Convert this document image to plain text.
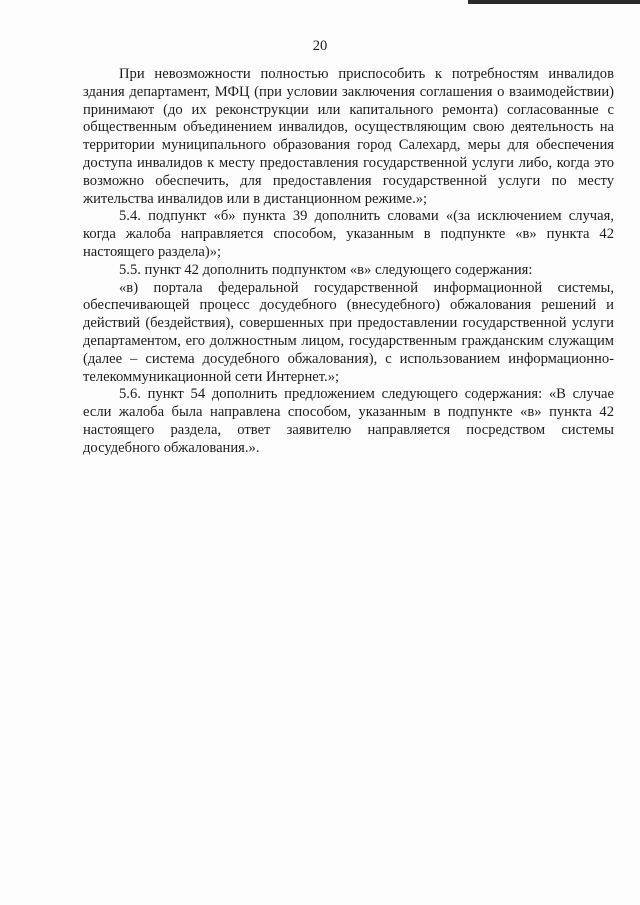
20

При невозможности полностью приспособить к потребностям инвалидов здания департамент, МФЦ (при условии заключения соглашения о взаимодействии) принимают (до их реконструкции или капитального ремонта) согласованные с общественным объединением инвалидов, осуществляющим свою деятельность на территории муниципального образования город Салехард, меры для обеспечения доступа инвалидов к месту предоставления государственной услуги либо, когда это возможно обеспечить, для предоставления государственной услуги по месту жительства инвалидов или в дистанционном режиме.»;

5.4. подпункт «б» пункта 39 дополнить словами «(за исключением случая, когда жалоба направляется способом, указанным в подпункте «в» пункта 42 настоящего раздела)»;

5.5. пункт 42 дополнить подпунктом «в» следующего содержания:

«в) портала федеральной государственной информационной системы, обеспечивающей процесс досудебного (внесудебного) обжалования решений и действий (бездействия), совершенных при предоставлении государственной услуги департаментом, его должностным лицом, государственным гражданским служащим (далее – система досудебного обжалования), с использованием информационно-телекоммуникационной сети Интернет.»;

5.6. пункт 54 дополнить предложением следующего содержания: «В случае если жалоба была направлена способом, указанным в подпункте «в» пункта 42 настоящего раздела, ответ заявителю направляется посредством системы досудебного обжалования.».
